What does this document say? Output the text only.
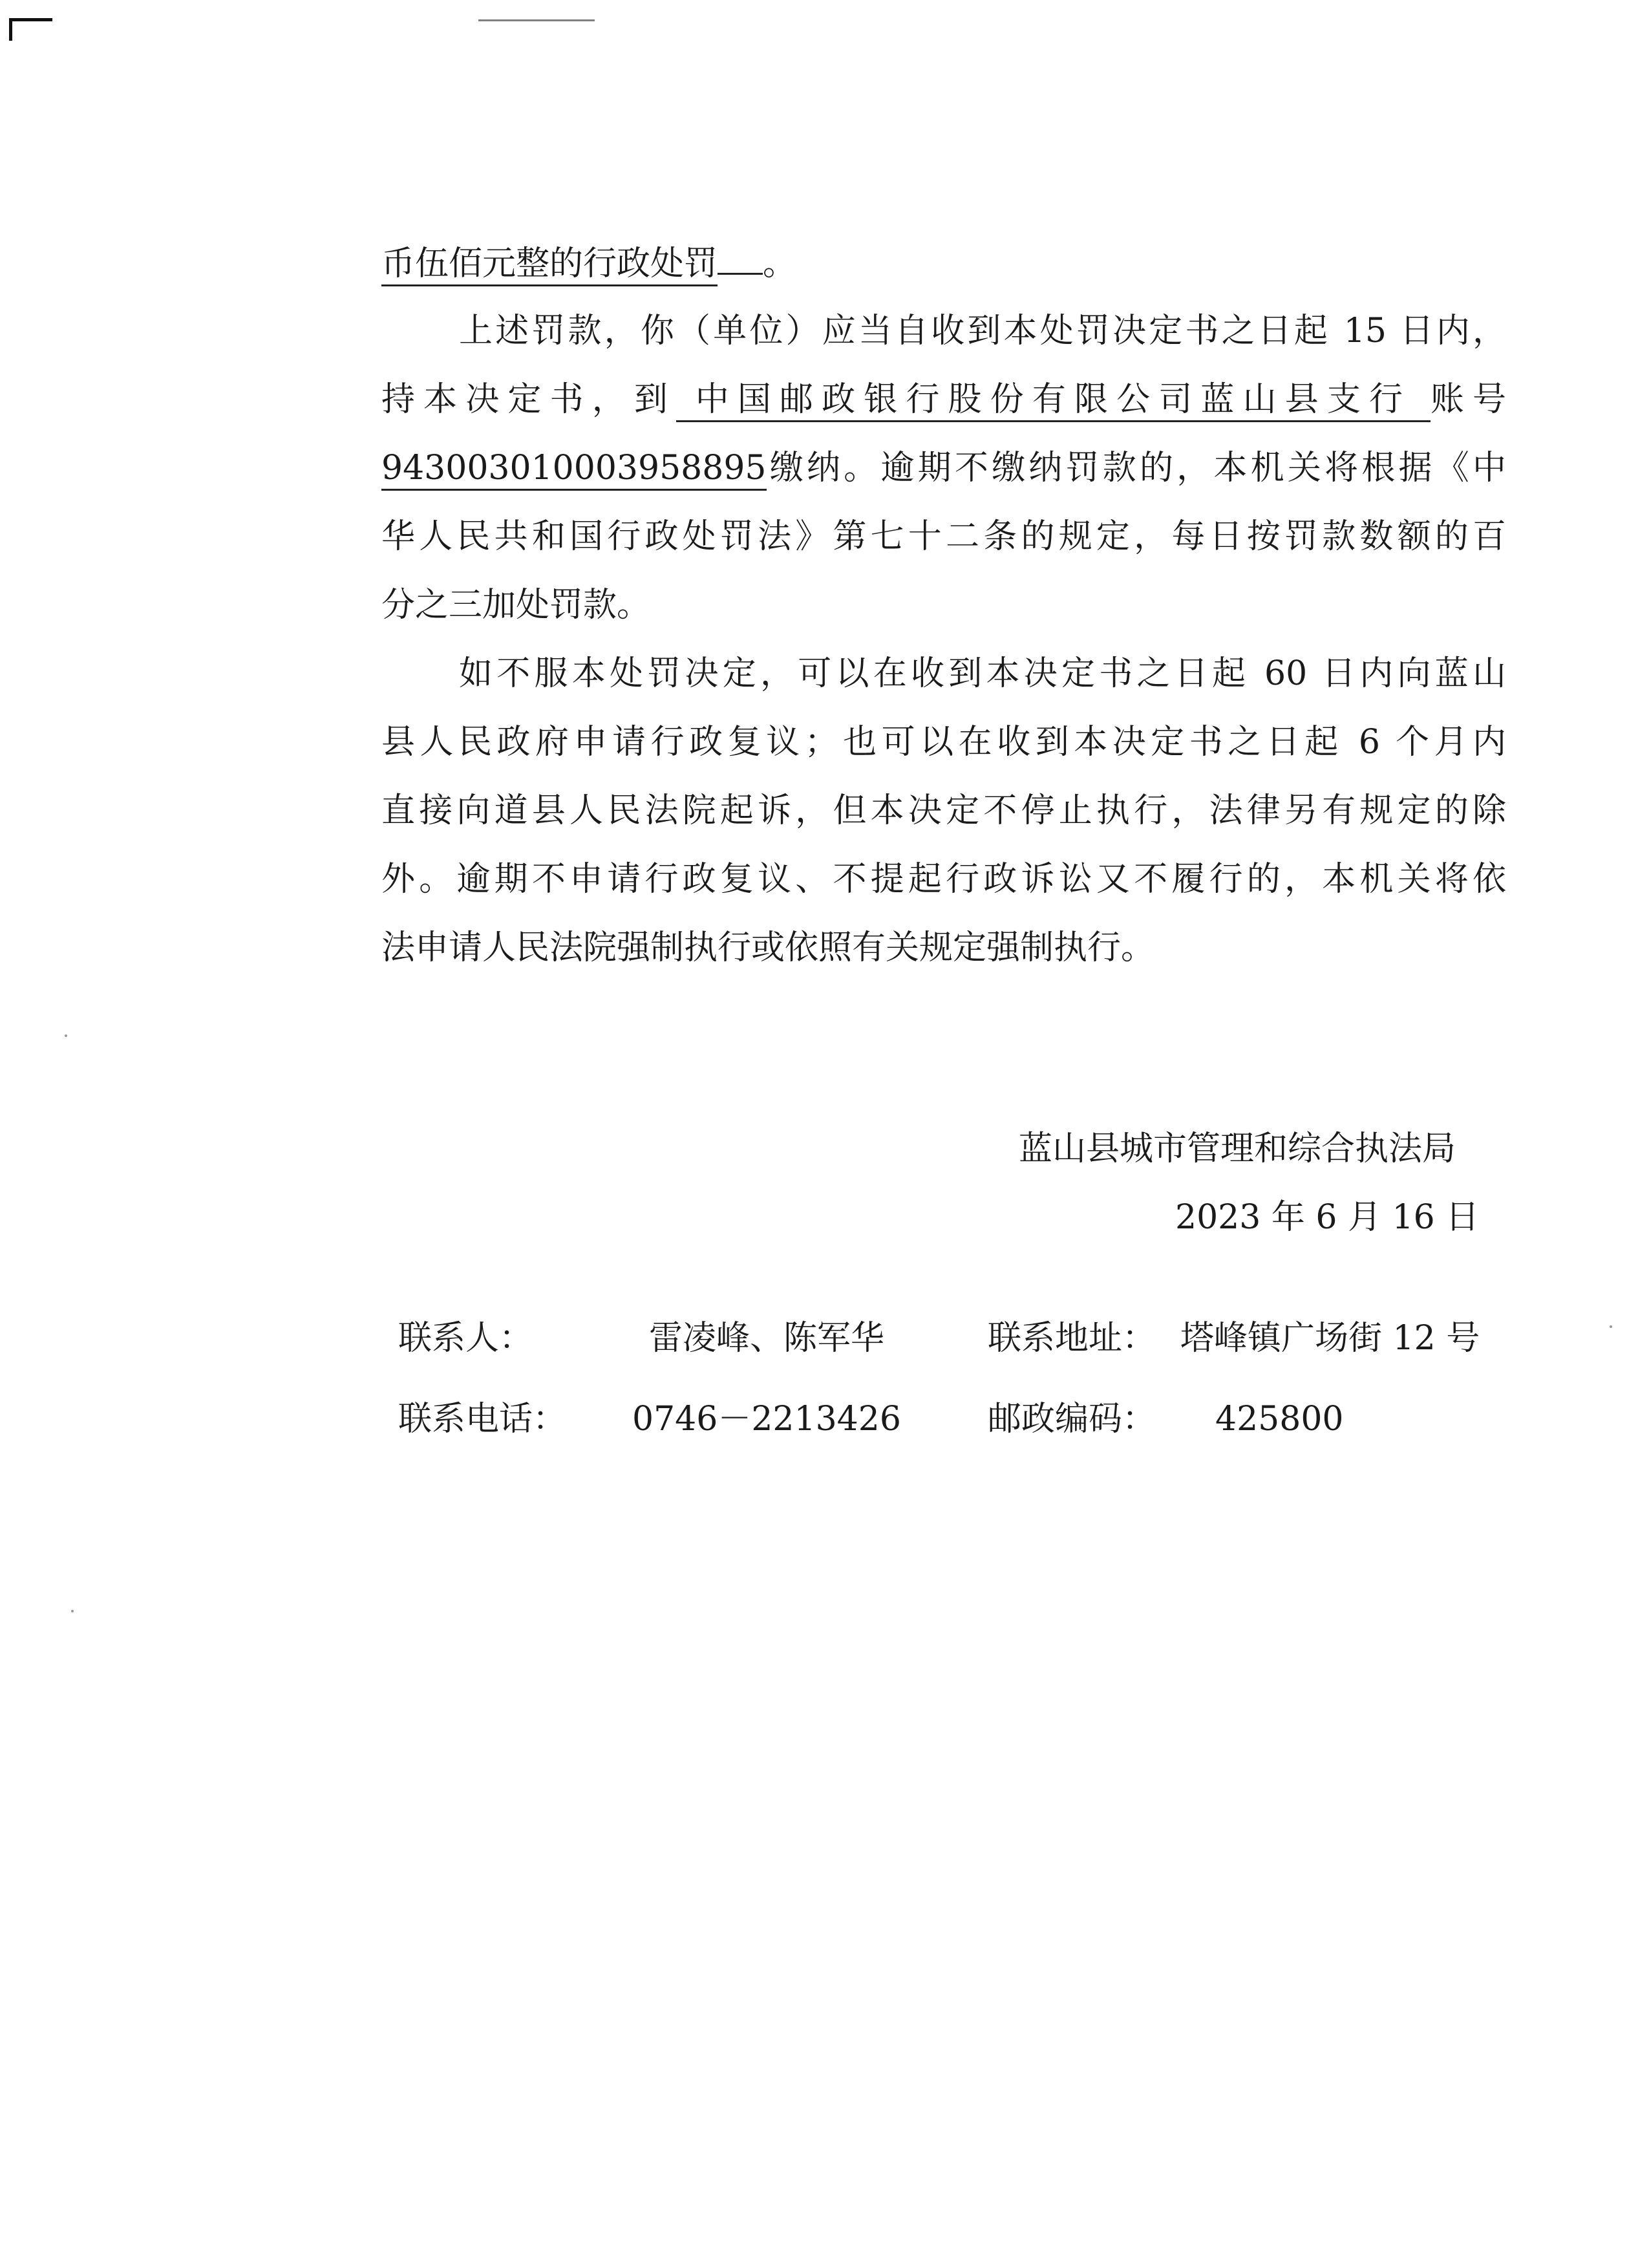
币伍佰元整的行政处罚 。
上述罚款，你（单位）应当自收到本处罚决定书之日起 15 日内，
持本决定书，到 中国邮政银行股份有限公司蓝山县支行 账号
943003010003958895缴纳。逾期不缴纳罚款的，本机关将根据《中
华人民共和国行政处罚法》第七十二条的规定，每日按罚款数额的百
分之三加处罚款。
如不服本处罚决定，可以在收到本决定书之日起 60 日内向蓝山
县人民政府申请行政复议；也可以在收到本决定书之日起 6 个月内
直接向道县人民法院起诉，但本决定不停止执行，法律另有规定的除
外。逾期不申请行政复议、不提起行政诉讼又不履行的，本机关将依
法申请人民法院强制执行或依照有关规定强制执行。
蓝山县城市管理和综合执法局
2023 年 6 月 16 日
联系人：	雷凌峰、陈军华	联系地址： 塔峰镇广场街 12 号
联系电话： 0746－2213426	邮政编码： 425800
